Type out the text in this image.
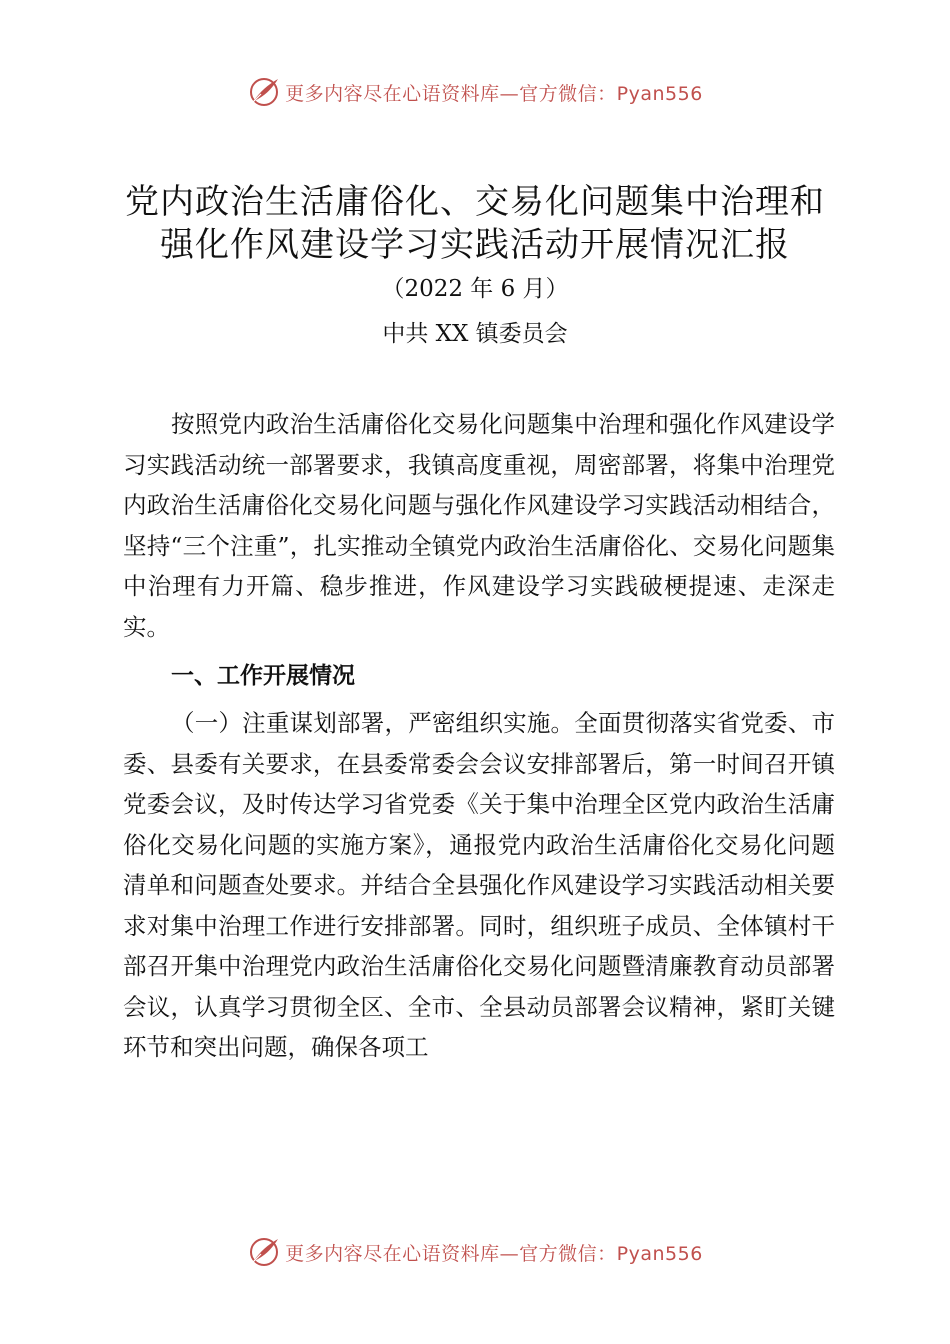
更多内容尽在心语资料库—官方微信：Pyan556
党内政治生活庸俗化、交易化问题集中治理和
强化作风建设学习实践活动开展情况汇报
（2022 年 6 月）
中共 XX 镇委员会

按照党内政治生活庸俗化交易化问题集中治理和强化作风建设学习实践活动统一部署要求，我镇高度重视，周密部署，将集中治理党内政治生活庸俗化交易化问题与强化作风建设学习实践活动相结合，坚持“三个注重”，扎实推动全镇党内政治生活庸俗化、交易化问题集中治理有力开篇、稳步推进，作风建设学习实践破梗提速、走深走实。

一、工作开展情况

（一）注重谋划部署，严密组织实施。全面贯彻落实省党委、市委、县委有关要求，在县委常委会会议安排部署后，第一时间召开镇党委会议，及时传达学习省党委《关于集中治理全区党内政治生活庸俗化交易化问题的实施方案》，通报党内政治生活庸俗化交易化问题清单和问题查处要求。并结合全县强化作风建设学习实践活动相关要求对集中治理工作进行安排部署。同时，组织班子成员、全体镇村干部召开集中治理党内政治生活庸俗化交易化问题暨清廉教育动员部署会议，认真学习贯彻全区、全市、全县动员部署会议精神，紧盯关键环节和突出问题，确保各项工

更多内容尽在心语资料库—官方微信：Pyan556
